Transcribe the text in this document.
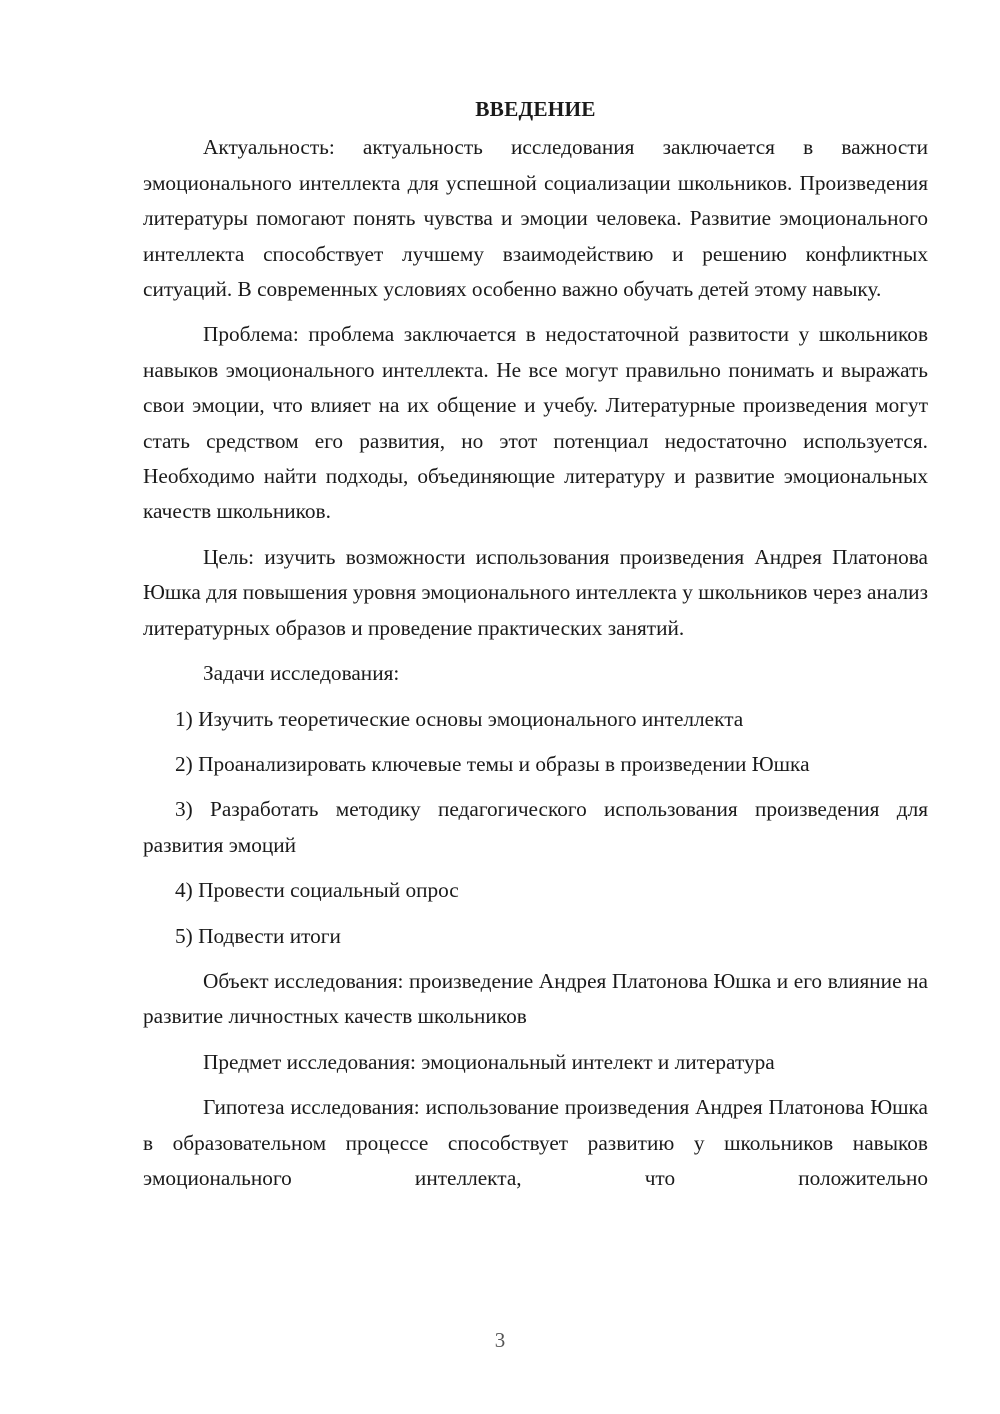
ВВЕДЕНИЕ

Актуальность: актуальность исследования заключается в важности эмоционального интеллекта для успешной социализации школьников. Произведения литературы помогают понять чувства и эмоции человека. Развитие эмоционального интеллекта способствует лучшему взаимодействию и решению конфликтных ситуаций. В современных условиях особенно важно обучать детей этому навыку.

Проблема: проблема заключается в недостаточной развитости у школьников навыков эмоционального интеллекта. Не все могут правильно понимать и выражать свои эмоции, что влияет на их общение и учебу. Литературные произведения могут стать средством его развития, но этот потенциал недостаточно используется. Необходимо найти подходы, объединяющие литературу и развитие эмоциональных качеств школьников.

Цель: изучить возможности использования произведения Андрея Платонова Юшка для повышения уровня эмоционального интеллекта у школьников через анализ литературных образов и проведение практических занятий.

Задачи исследования:

1) Изучить теоретические основы эмоционального интеллекта

2) Проанализировать ключевые темы и образы в произведении Юшка

3) Разработать методику педагогического использования произведения для развития эмоций

4) Провести социальный опрос

5) Подвести итоги

Объект исследования: произведение Андрея Платонова Юшка и его влияние на развитие личностных качеств школьников

Предмет исследования: эмоциональный интелект и литература

Гипотеза исследования: использование произведения Андрея Платонова Юшка в образовательном процессе способствует развитию у школьников навыков эмоционального интеллекта, что положительно

3
